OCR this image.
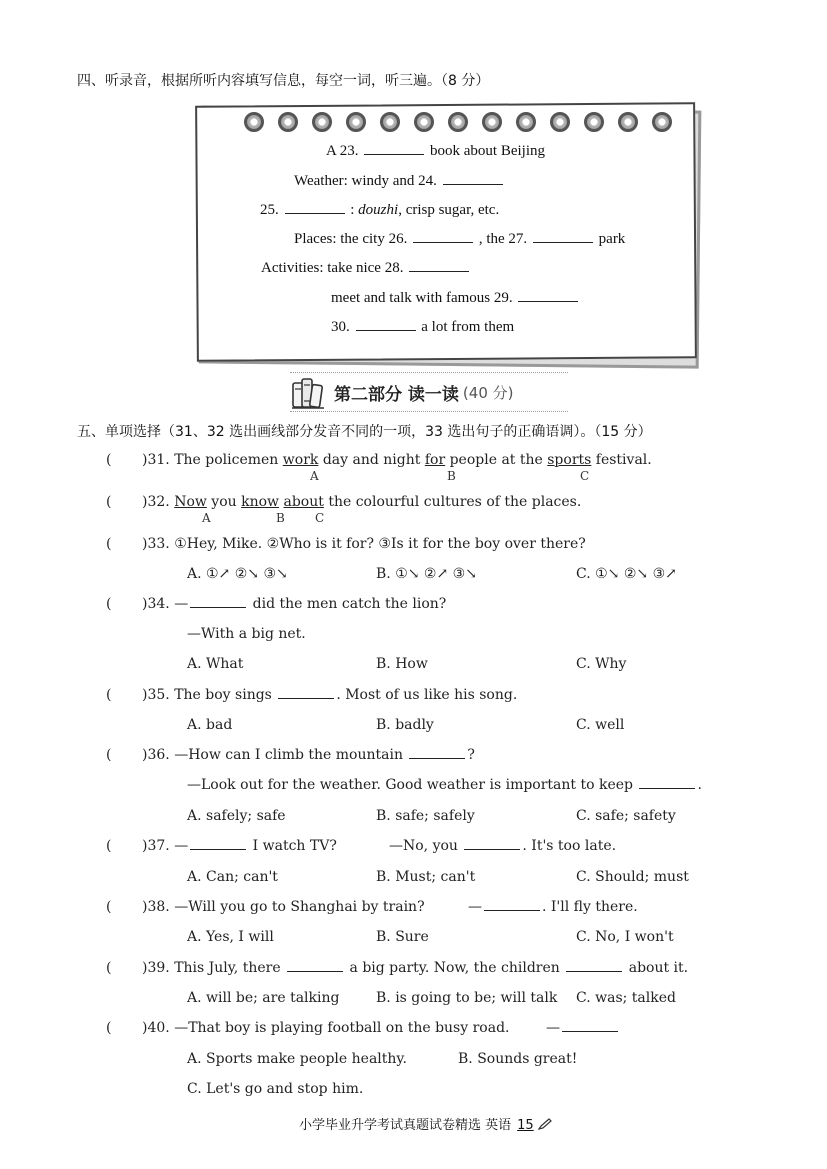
四、听录音，根据所听内容填写信息，每空一词，听三遍。（8 分）
A 23.	book about Beijing
Weather: windy and 24.
25.	: douzhi, crisp sugar, etc.
Places: the city 26.	, the 27.	park
Activities: take nice 28.
meet and talk with famous 29.
30.	a lot from them
第二部分 读一读 (40 分)
五、单项选择（31、32 选出画线部分发音不同的一项，33 选出句子的正确语调）。（15 分）
( )31. The policemen work day and night for people at the sports festival.
A	B	C
( )32. Now you know about the colourful cultures of the places.
A	B	C
( )33. ①Hey, Mike. ②Who is it for? ③Is it for the boy over there?
A. ①↗ ②↘ ③↘	B. ①↘ ②↗ ③↘	C. ①↘ ②↘ ③↗
( )34. —	did the men catch the lion?
—With a big net.
A. What	B. How	C. Why
( )35. The boy sings	. Most of us like his song.
A. bad	B. badly	C. well
( )36. —How can I climb the mountain	?
—Look out for the weather. Good weather is important to keep	.
A. safely; safe	B. safe; safely	C. safe; safety
( )37. —	I watch TV?	—No, you	. It's too late.
A. Can; can't	B. Must; can't	C. Should; must
( )38. —Will you go to Shanghai by train?	—	. I'll fly there.
A. Yes, I will	B. Sure	C. No, I won't
( )39. This July, there	a big party. Now, the children	about it.
A. will be; are talking	B. is going to be; will talk C. was; talked
( )40. —That boy is playing football on the busy road.	—
A. Sports make people healthy.	B. Sounds great!
C. Let's go and stop him.
小学毕业升学考试真题试卷精选 英语 15
